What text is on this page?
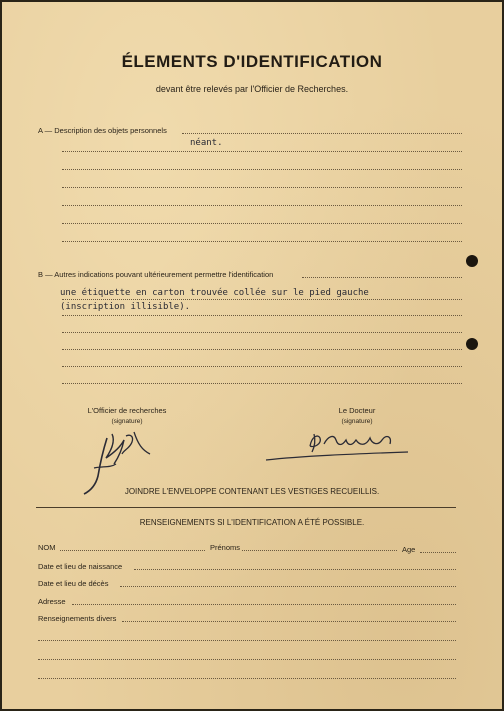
ÉLEMENTS D'IDENTIFICATION
devant être relevés par l'Officier de Recherches.
A — Description des objets personnels
néant.
B — Autres indications pouvant ultérieurement permettre l'identification
une étiquette en carton trouvée collée sur le pied gauche
(inscription illisible).
L'Officier de recherches
(signature)
Le Docteur
(signature)
JOINDRE L'ENVELOPPE CONTENANT LES VESTIGES RECUEILLIS.
RENSEIGNEMENTS SI L'IDENTIFICATION A ÉTÉ POSSIBLE.
NOM	Prénoms	Age
Date et lieu de naissance
Date et lieu de décès
Adresse
Renseignements divers
